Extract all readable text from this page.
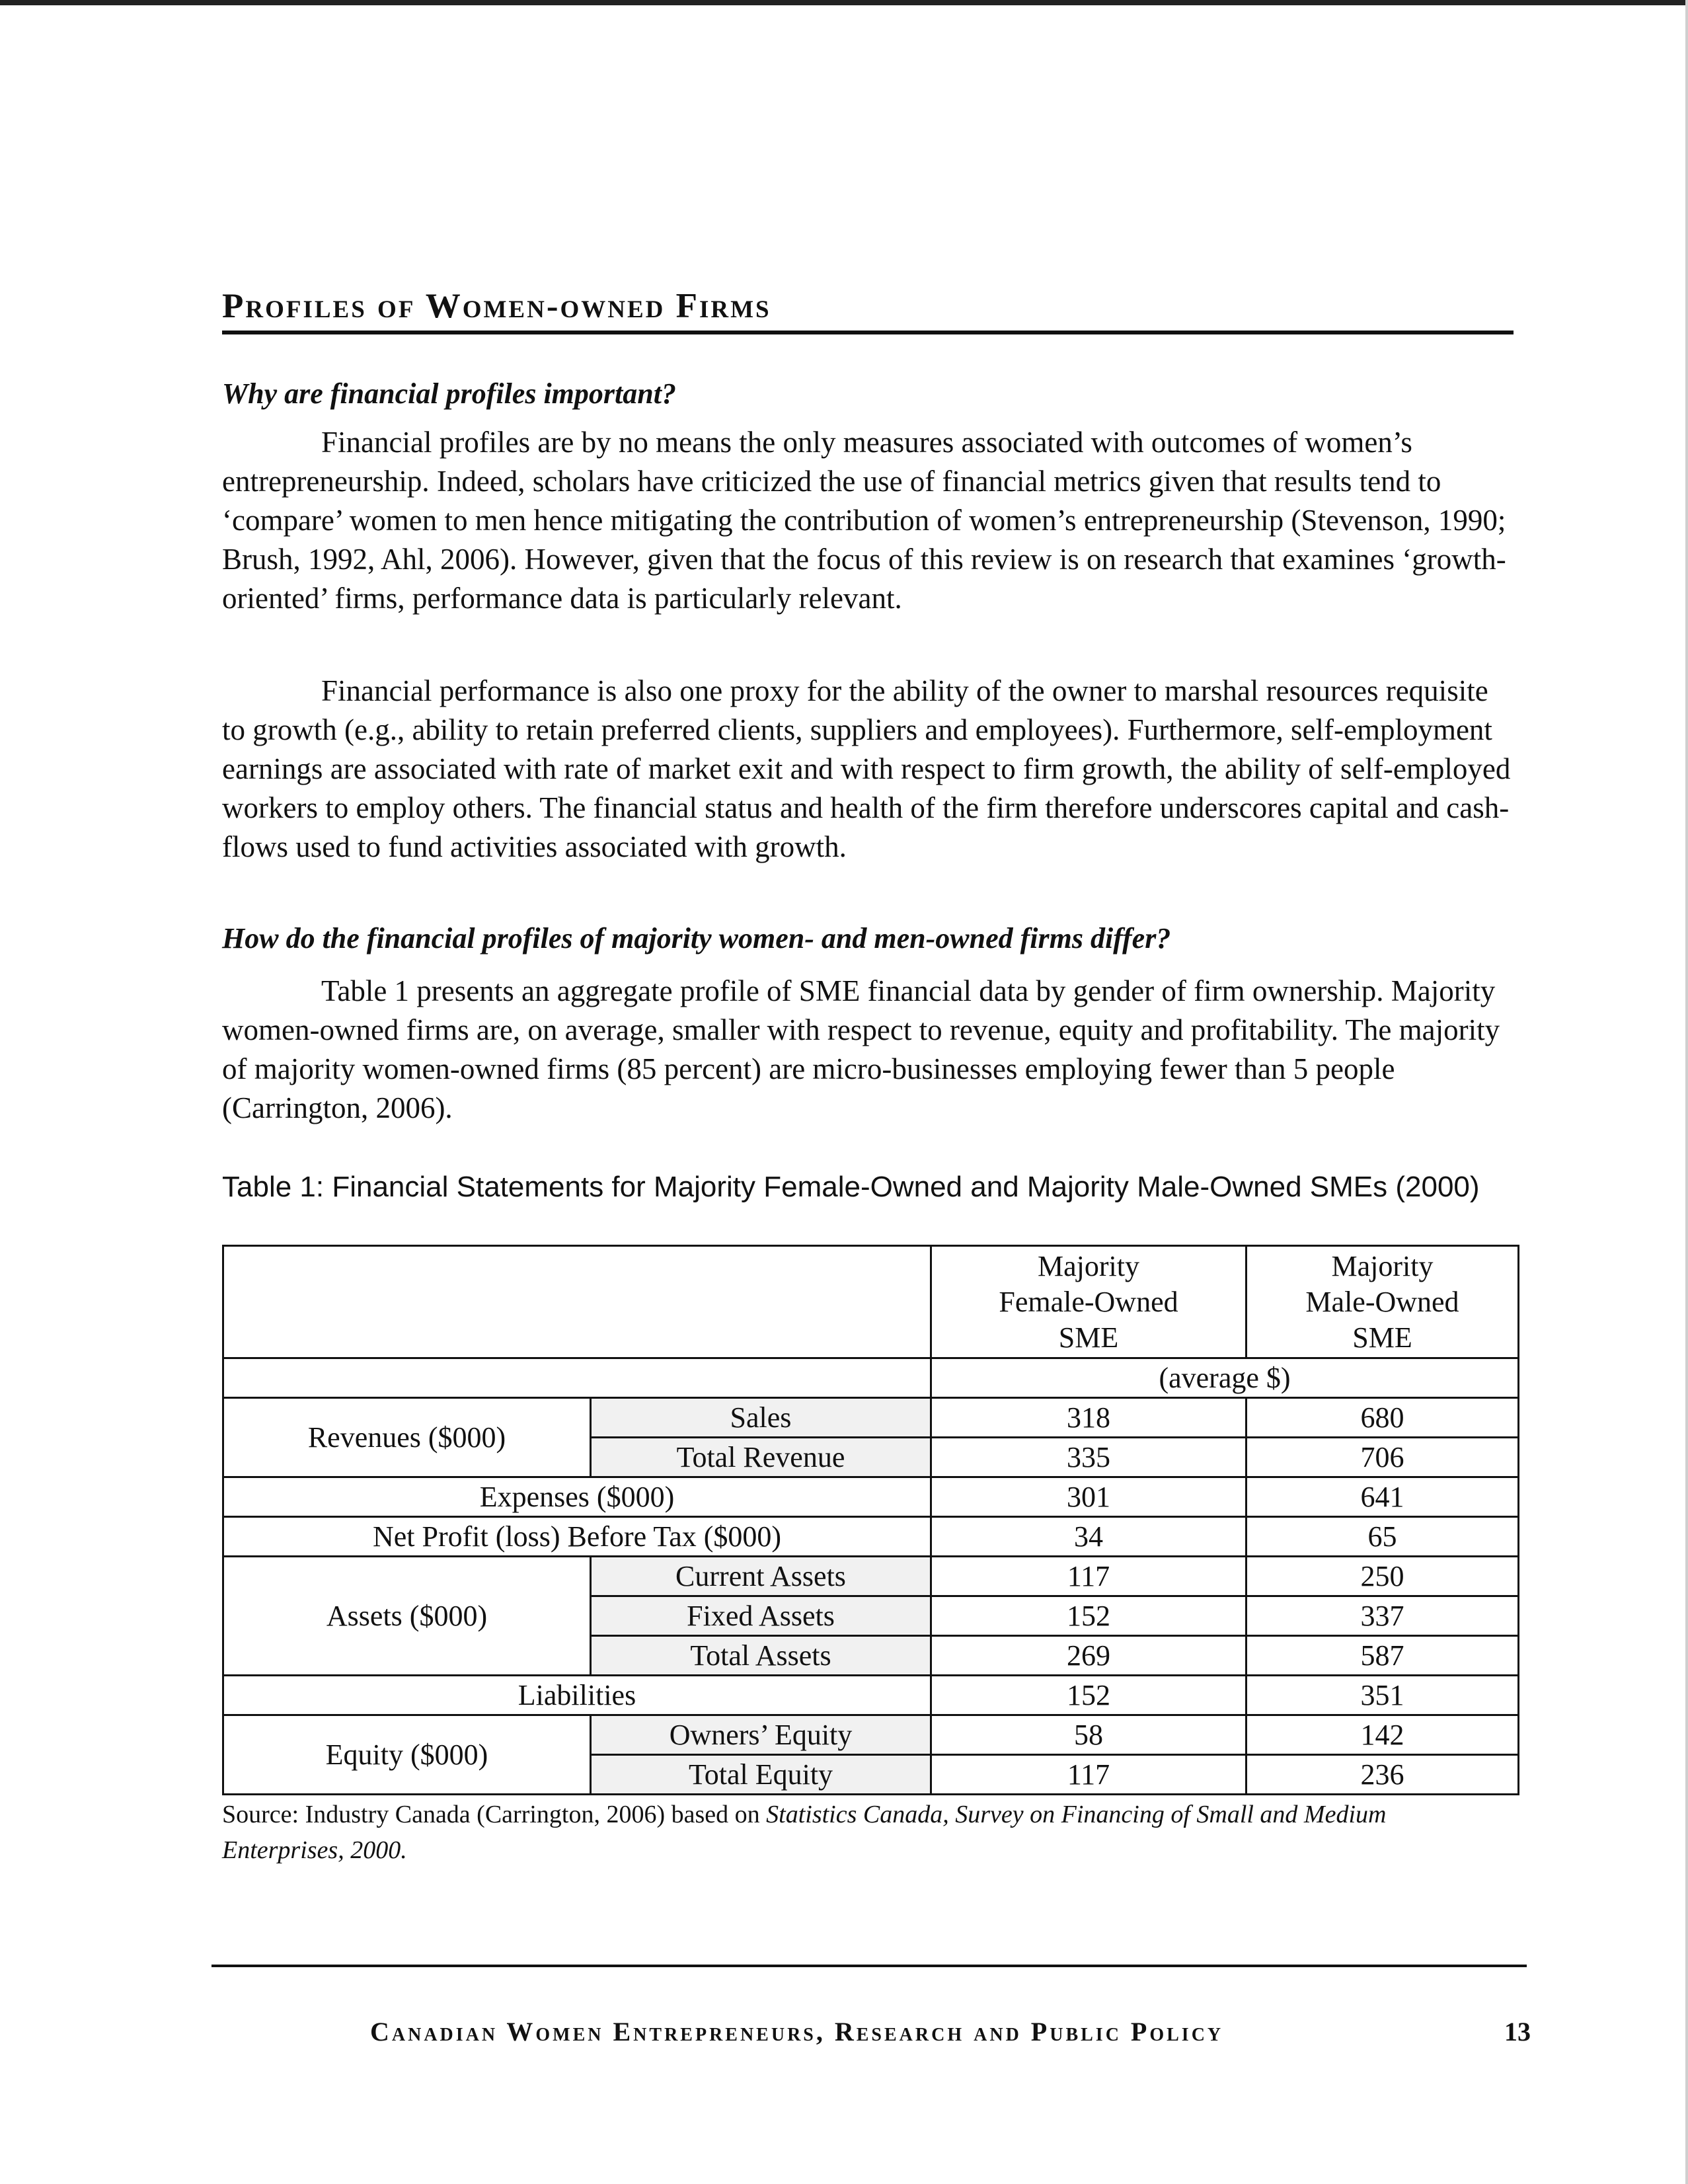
Profiles of Women-owned Firms
Why are financial profiles important?

Financial profiles are by no means the only measures associated with outcomes of women’s entrepreneurship. Indeed, scholars have criticized the use of financial metrics given that results tend to ‘compare’ women to men hence mitigating the contribution of women’s entrepreneurship (Stevenson, 1990; Brush, 1992, Ahl, 2006). However, given that the focus of this review is on research that examines ‘growth-oriented’ firms, performance data is particularly relevant.

Financial performance is also one proxy for the ability of the owner to marshal resources requisite to growth (e.g., ability to retain preferred clients, suppliers and employees). Furthermore, self-employment earnings are associated with rate of market exit and with respect to firm growth, the ability of self-employed workers to employ others. The financial status and health of the firm therefore underscores capital and cash-flows used to fund activities associated with growth.

How do the financial profiles of majority women- and men-owned firms differ?

Table 1 presents an aggregate profile of SME financial data by gender of firm ownership. Majority women-owned firms are, on average, smaller with respect to revenue, equity and profitability. The majority of majority women-owned firms (85 percent) are micro-businesses employing fewer than 5 people (Carrington, 2006).

Table 1: Financial Statements for Majority Female-Owned and Majority Male-Owned SMEs (2000)

		Majority
Female-Owned
SME	Majority
Male-Owned
SME
		(average $)	
Revenues ($000)	Sales	318	680
	Total Revenue	335	706
Expenses ($000)		301	641
Net Profit (loss) Before Tax ($000)		34	65
Assets ($000)	Current Assets	117	250
	Fixed Assets	152	337
	Total Assets	269	587
Liabilities		152	351
Equity ($000)	Owners’ Equity	58	142
	Total Equity	117	236

Source: Industry Canada (Carrington, 2006) based on Statistics Canada, Survey on Financing of Small and Medium Enterprises, 2000.

Canadian Women Entrepreneurs, Research and Public Policy	13
